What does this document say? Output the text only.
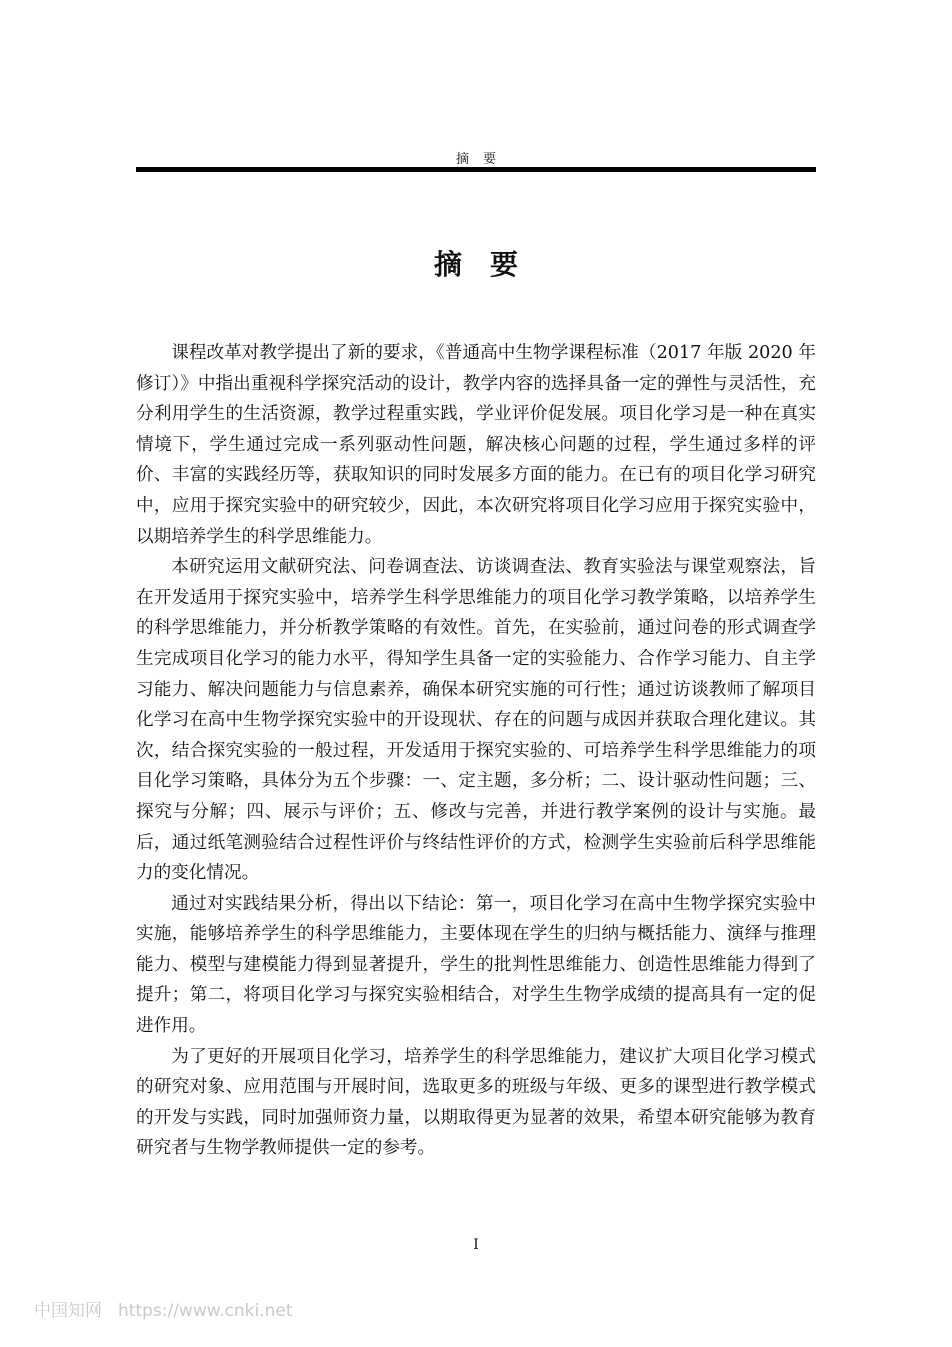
摘要
摘要

课程改革对教学提出了新的要求，《普通高中生物学课程标准（2017 年版 2020 年修订）》中指出重视科学探究活动的设计，教学内容的选择具备一定的弹性与灵活性，充分利用学生的生活资源，教学过程重实践，学业评价促发展。项目化学习是一种在真实情境下，学生通过完成一系列驱动性问题，解决核心问题的过程，学生通过多样的评价、丰富的实践经历等，获取知识的同时发展多方面的能力。在已有的项目化学习研究中，应用于探究实验中的研究较少，因此，本次研究将项目化学习应用于探究实验中，以期培养学生的科学思维能力。

本研究运用文献研究法、问卷调查法、访谈调查法、教育实验法与课堂观察法，旨在开发适用于探究实验中，培养学生科学思维能力的项目化学习教学策略，以培养学生的科学思维能力，并分析教学策略的有效性。首先，在实验前，通过问卷的形式调查学生完成项目化学习的能力水平，得知学生具备一定的实验能力、合作学习能力、自主学习能力、解决问题能力与信息素养，确保本研究实施的可行性；通过访谈教师了解项目化学习在高中生物学探究实验中的开设现状、存在的问题与成因并获取合理化建议。其次，结合探究实验的一般过程，开发适用于探究实验的、可培养学生科学思维能力的项目化学习策略，具体分为五个步骤：一、定主题，多分析；二、设计驱动性问题；三、探究与分解；四、展示与评价；五、修改与完善，并进行教学案例的设计与实施。最后，通过纸笔测验结合过程性评价与终结性评价的方式，检测学生实验前后科学思维能力的变化情况。

通过对实践结果分析，得出以下结论：第一，项目化学习在高中生物学探究实验中实施，能够培养学生的科学思维能力，主要体现在学生的归纳与概括能力、演绎与推理能力、模型与建模能力得到显著提升，学生的批判性思维能力、创造性思维能力得到了提升；第二，将项目化学习与探究实验相结合，对学生生物学成绩的提高具有一定的促进作用。

为了更好的开展项目化学习，培养学生的科学思维能力，建议扩大项目化学习模式的研究对象、应用范围与开展时间，选取更多的班级与年级、更多的课型进行教学模式的开发与实践，同时加强师资力量，以期取得更为显著的效果，希望本研究能够为教育研究者与生物学教师提供一定的参考。

I
中国知网 https://www.cnki.net
